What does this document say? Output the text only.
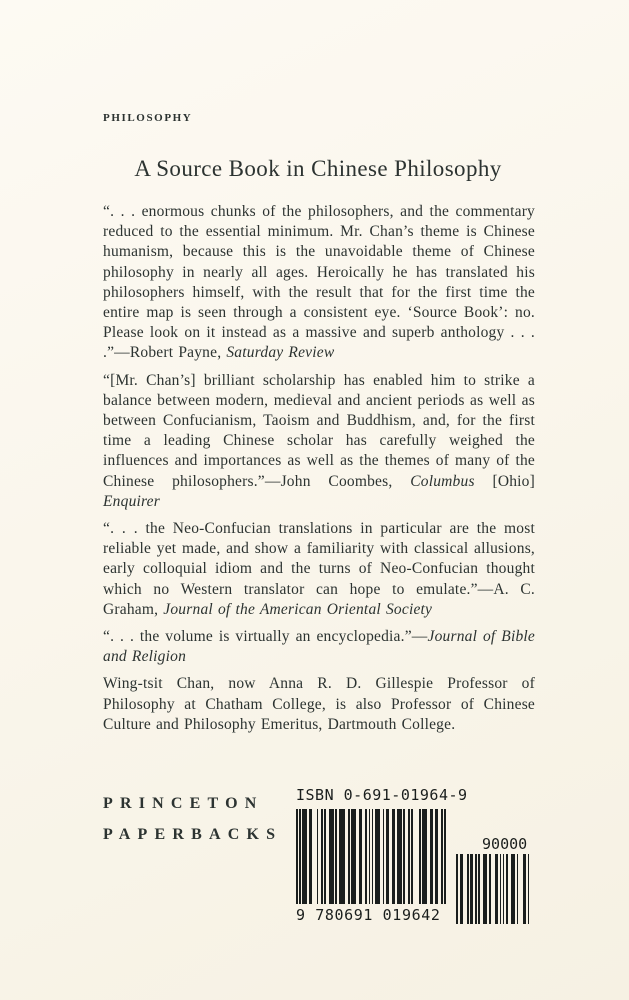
PHILOSOPHY
A Source Book in Chinese Philosophy

“. . . enormous chunks of the philosophers, and the commentary reduced to the essential minimum. Mr. Chan’s theme is Chinese humanism, because this is the unavoidable theme of Chinese philosophy in nearly all ages. Heroically he has translated his philosophers himself, with the result that for the first time the entire map is seen through a consistent eye. ‘Source Book’: no. Please look on it instead as a massive and superb anthology . . . .”—Robert Payne, Saturday Review

“[Mr. Chan’s] brilliant scholarship has enabled him to strike a balance between modern, medieval and ancient periods as well as between Confucianism, Taoism and Buddhism, and, for the first time a leading Chinese scholar has carefully weighed the influences and importances as well as the themes of many of the Chinese philosophers.”—John Coombes, Columbus [Ohio] Enquirer

“. . . the Neo-Confucian translations in particular are the most reliable yet made, and show a familiarity with classical allusions, early colloquial idiom and the turns of Neo-Confucian thought which no Western translator can hope to emulate.”—A. C. Graham, Journal of the American Oriental Society

“. . . the volume is virtually an encyclopedia.”—Journal of Bible and Religion

Wing-tsit Chan, now Anna R. D. Gillespie Professor of Philosophy at Chatham College, is also Professor of Chinese Culture and Philosophy Emeritus, Dartmouth College.

PRINCETON
PAPERBACKS
ISBN 0-691-01964-9
9 780691 019642
90000
